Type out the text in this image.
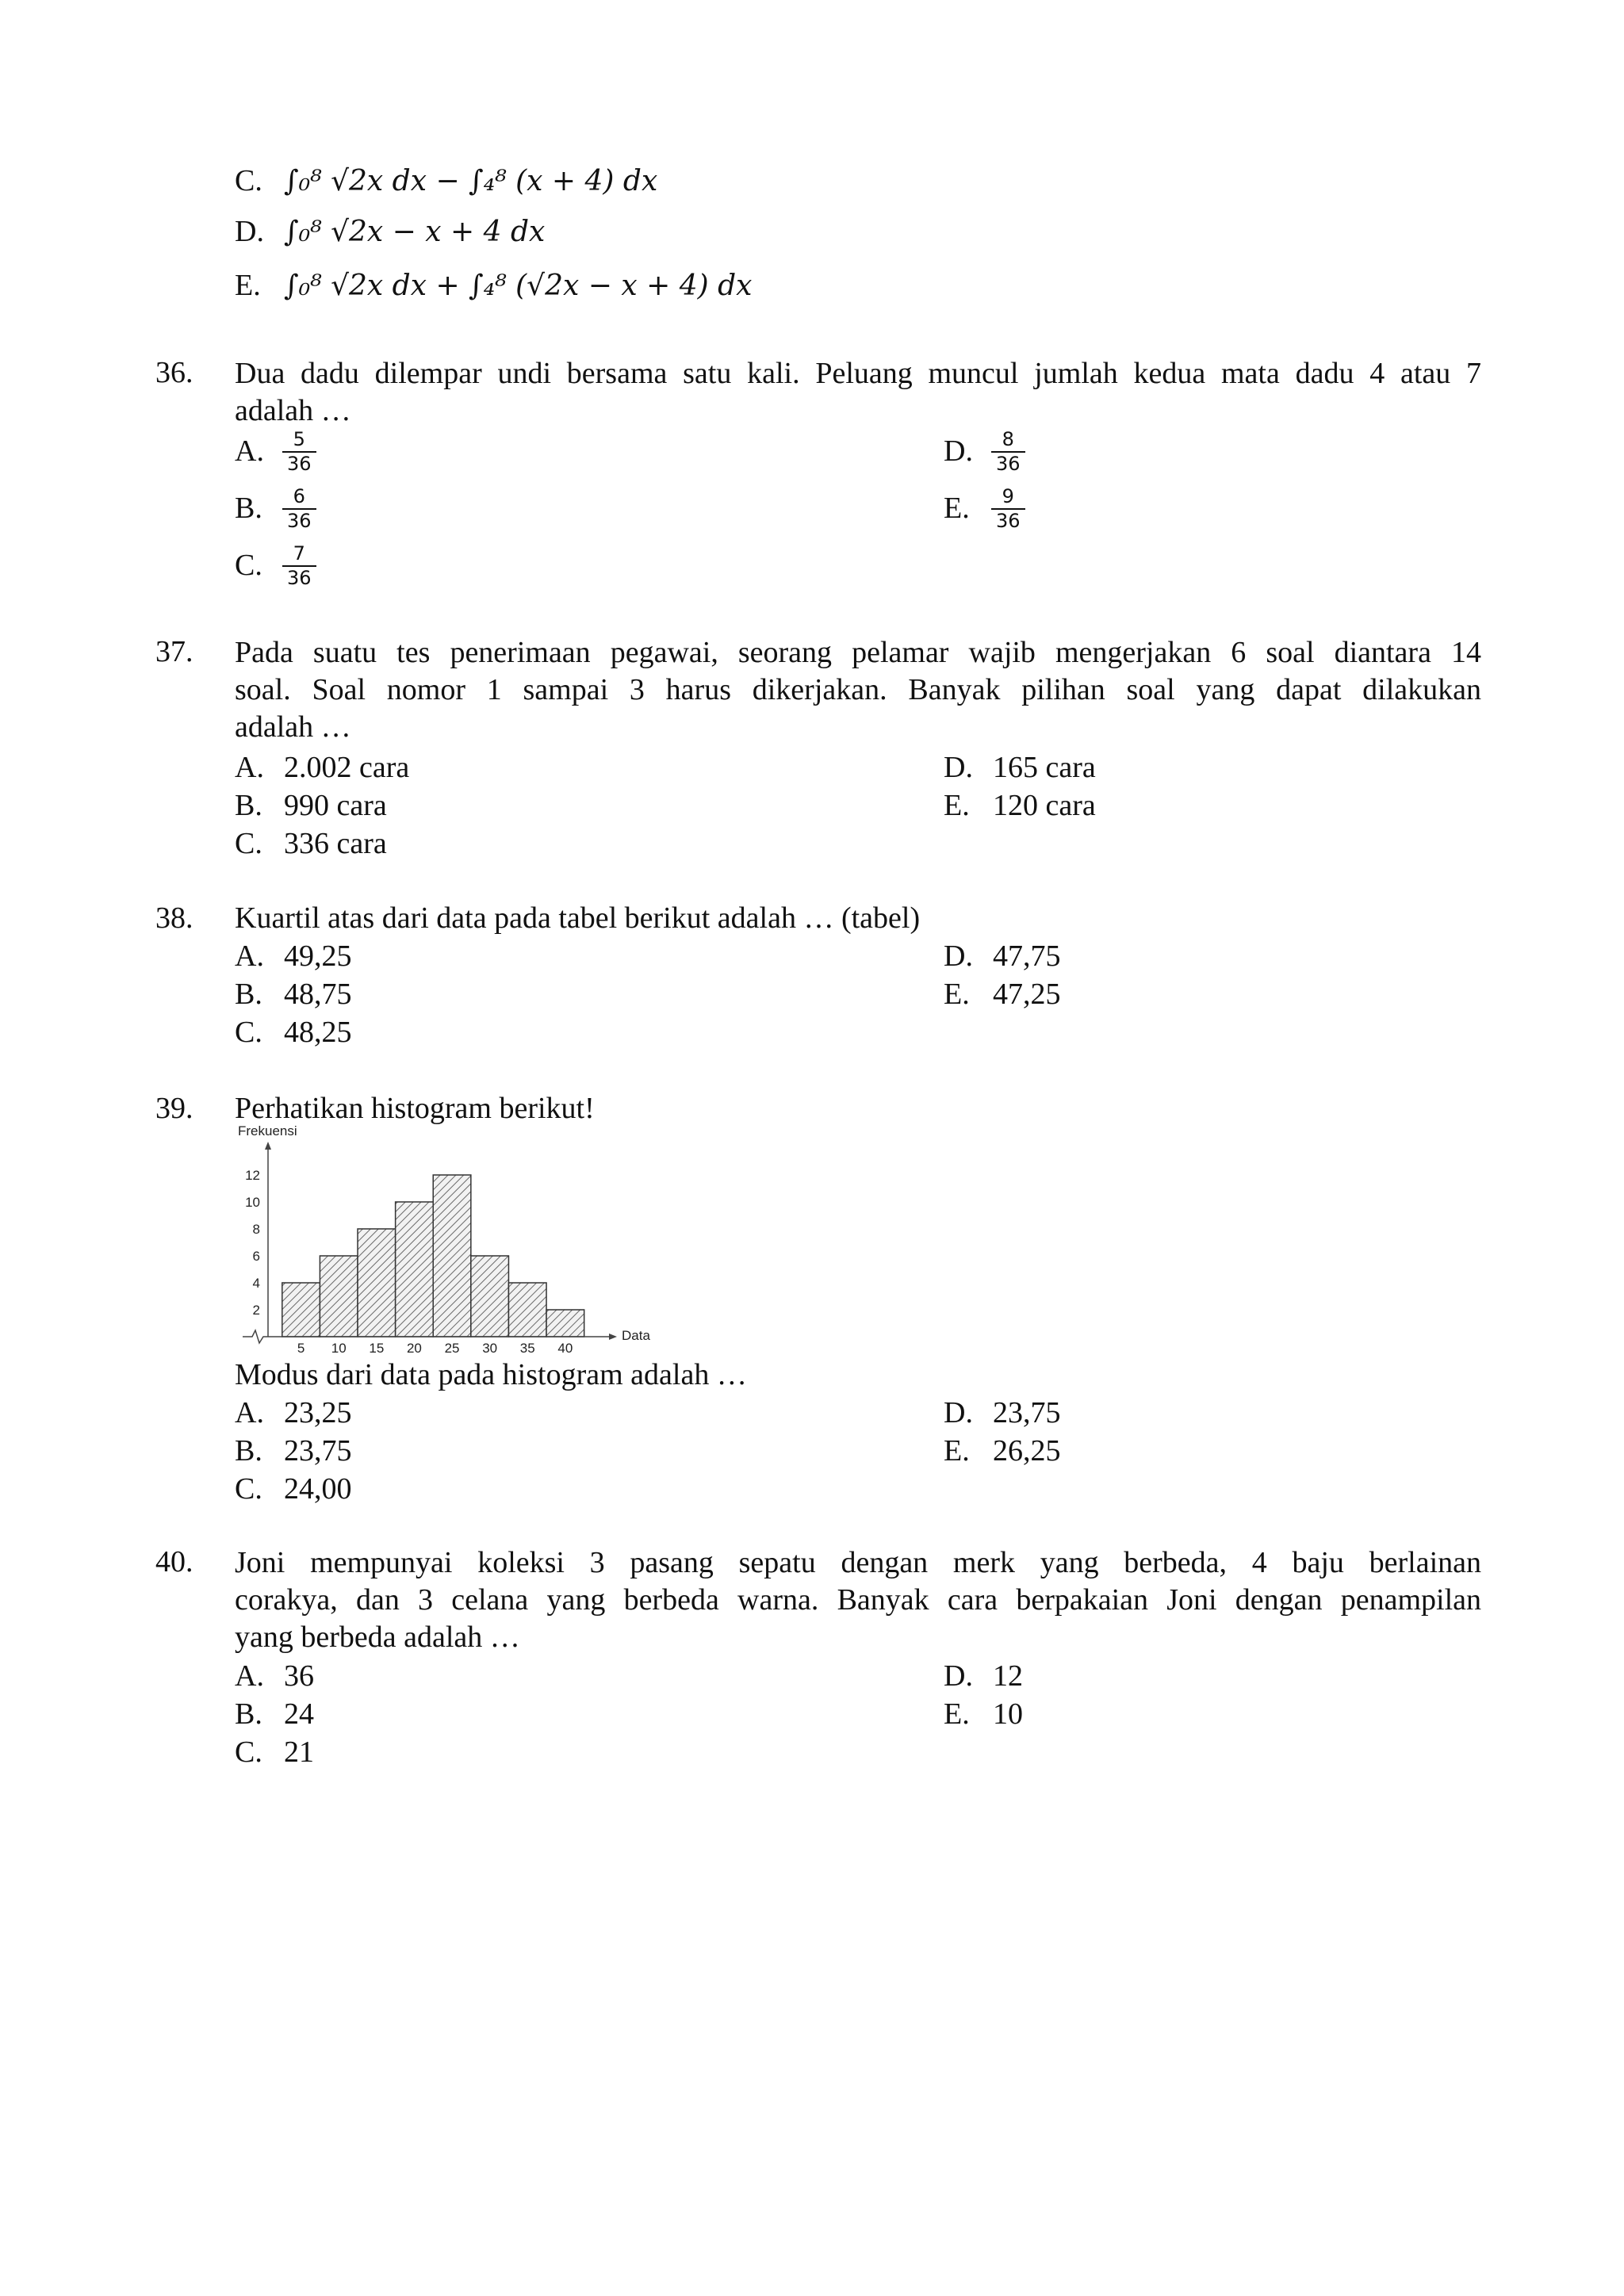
C. ∫₀⁸ √2x dx − ∫₄⁸ (x + 4) dx
D. ∫₀⁸ √2x − x + 4 dx
E. ∫₀⁸ √2x dx + ∫₄⁸ (√2x − x + 4) dx
36. Dua dadu dilempar undi bersama satu kali. Peluang muncul jumlah kedua mata dadu 4 atau 7
adalah …
A. $\frac{5}{36}$
B. $\frac{6}{36}$
C. $\frac{7}{36}$
D. $\frac{8}{36}$
E. $\frac{9}{36}$
37. Pada suatu tes penerimaan pegawai, seorang pelamar wajib mengerjakan 6 soal diantara 14
soal. Soal nomor 1 sampai 3 harus dikerjakan. Banyak pilihan soal yang dapat dilakukan
adalah …
A. 2.002 cara
B. 990 cara
C. 336 cara
D. 165 cara
E. 120 cara
38. Kuartil atas dari data pada tabel berikut adalah … (tabel)
A. 49,25
B. 48,75
C. 48,25
D. 47,75
E. 47,25
39. Perhatikan histogram berikut!
2
4
6
8
10
12
5 10 15 20 25 30 35 40
Frekuensi
Data
Modus dari data pada histogram adalah …
A. 23,25
B. 23,75
C. 24,00
D. 23,75
E. 26,25
40. Joni mempunyai koleksi 3 pasang sepatu dengan merk yang berbeda, 4 baju berlainan
corakya, dan 3 celana yang berbeda warna. Banyak cara berpakaian Joni dengan penampilan
yang berbeda adalah …
A. 36
B. 24
C. 21
D. 12
E. 10
